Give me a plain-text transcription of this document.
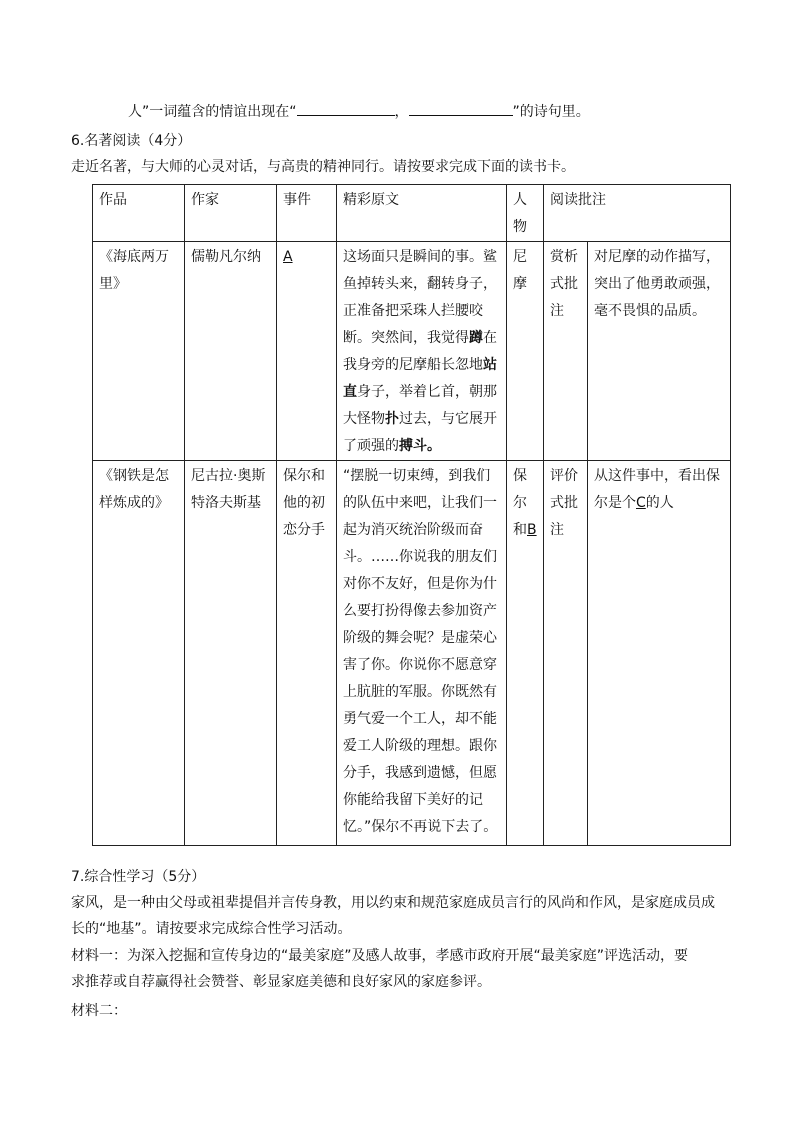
人”一词蕴含的情谊出现在“	，	”的诗句里。
6.名著阅读（4分）
走近名著，与大师的心灵对话，与高贵的精神同行。请按要求完成下面的读书卡。
作品	作家	事件	精彩原文	人物	阅读批注	
《海底两万里》	儒勒凡尔纳	A	这场面只是瞬间的事。鲨鱼掉转头来，翻转身子，正准备把采珠人拦腰咬断。突然间，我觉得蹲在我身旁的尼摩船长忽地站直身子，举着匕首，朝那大怪物扑过去，与它展开了顽强的搏斗。	尼摩	赏析式批注	对尼摩的动作描写，突出了他勇敢顽强，毫不畏惧的品质。
《钢铁是怎样炼成的》	尼古拉·奥斯特洛夫斯基	保尔和他的初恋分手	“摆脱一切束缚，到我们的队伍中来吧，让我们一起为消灭统治阶级而奋斗。……你说我的朋友们对你不友好，但是你为什么要打扮得像去参加资产阶级的舞会呢？是虚荣心害了你。你说你不愿意穿上肮脏的军服。你既然有勇气爱一个工人，却不能爱工人阶级的理想。跟你分手，我感到遗憾，但愿你能给我留下美好的记忆。”保尔不再说下去了。	保尔和B	评价式批注	从这件事中，看出保尔是个C的人
7.综合性学习（5分）
家风，是一种由父母或祖辈提倡并言传身教，用以约束和规范家庭成员言行的风尚和作风，是家庭成员成
长的“地基”。请按要求完成综合性学习活动。
材料一：为深入挖掘和宣传身边的“最美家庭”及感人故事，孝感市政府开展“最美家庭”评选活动，要
求推荐或自荐赢得社会赞誉、彰显家庭美德和良好家风的家庭参评。
材料二：
